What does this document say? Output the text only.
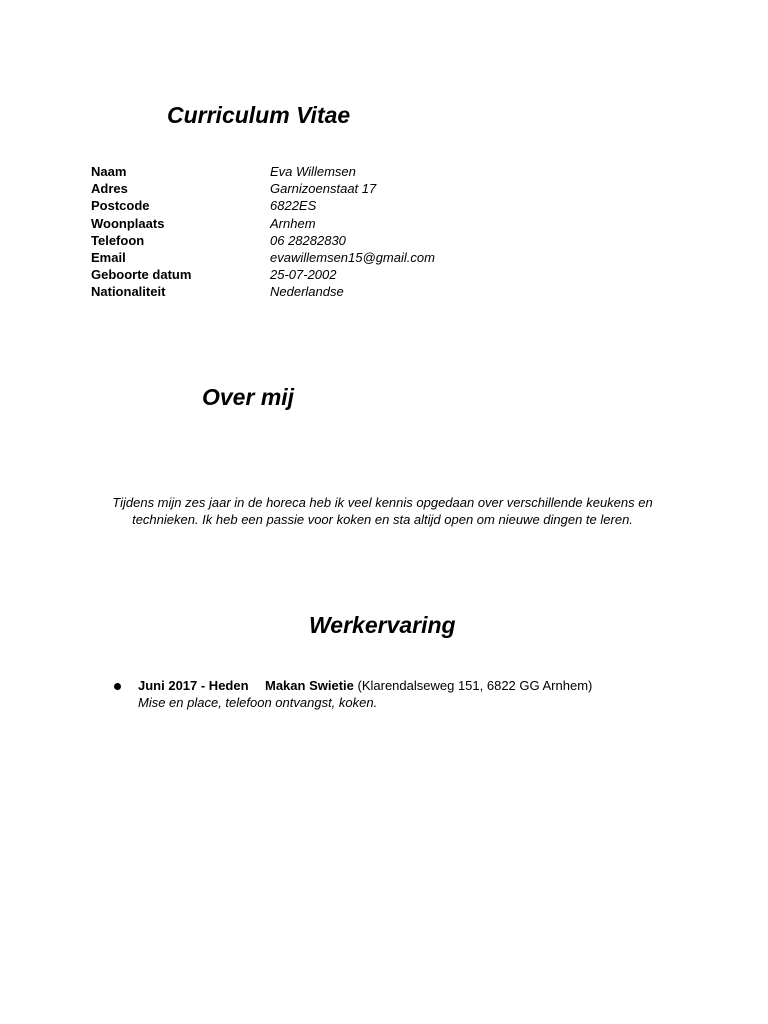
Curriculum Vitae
Naam	Eva Willemsen
Adres	Garnizoenstaat 17
Postcode	6822ES
Woonplaats	Arnhem
Telefoon	06 28282830
Email	evawillemsen15@gmail.com
Geboorte datum	25-07-2002
Nationaliteit	Nederlandse
Over mij

Tijdens mijn zes jaar in de horeca heb ik veel kennis opgedaan over verschillende keukens en technieken. Ik heb een passie voor koken en sta altijd open om nieuwe dingen te leren.

Werkervaring
Juni 2017 - Heden Makan Swietie (Klarendalseweg 151, 6822 GG Arnhem)
Mise en place, telefoon ontvangst, koken.
